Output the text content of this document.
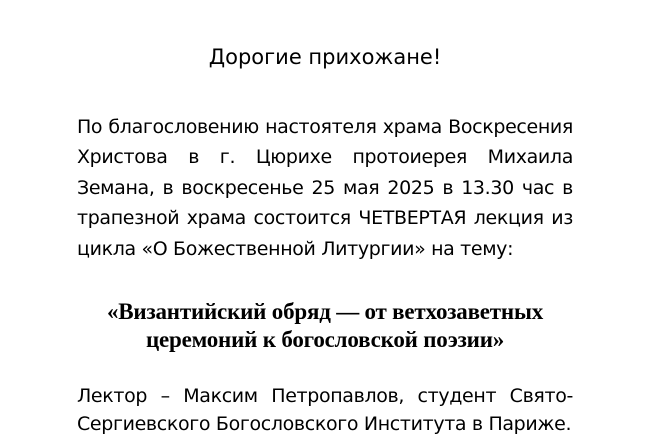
Дорогие прихожане!

По благословению настоятеля храма Воскресения Христова в г. Цюрихе протоиерея Михаила Земана, в воскресенье 25 мая 2025 в 13.30 час в трапезной храма состоится ЧЕТВЕРТАЯ лекция из цикла «О Божественной Литургии» на тему:

«Византийский обряд — от ветхозаветных церемоний к богословской поэзии»

Лектор – Максим Петропавлов, студент Свято-Сергиевского Богословского Института в Париже.
